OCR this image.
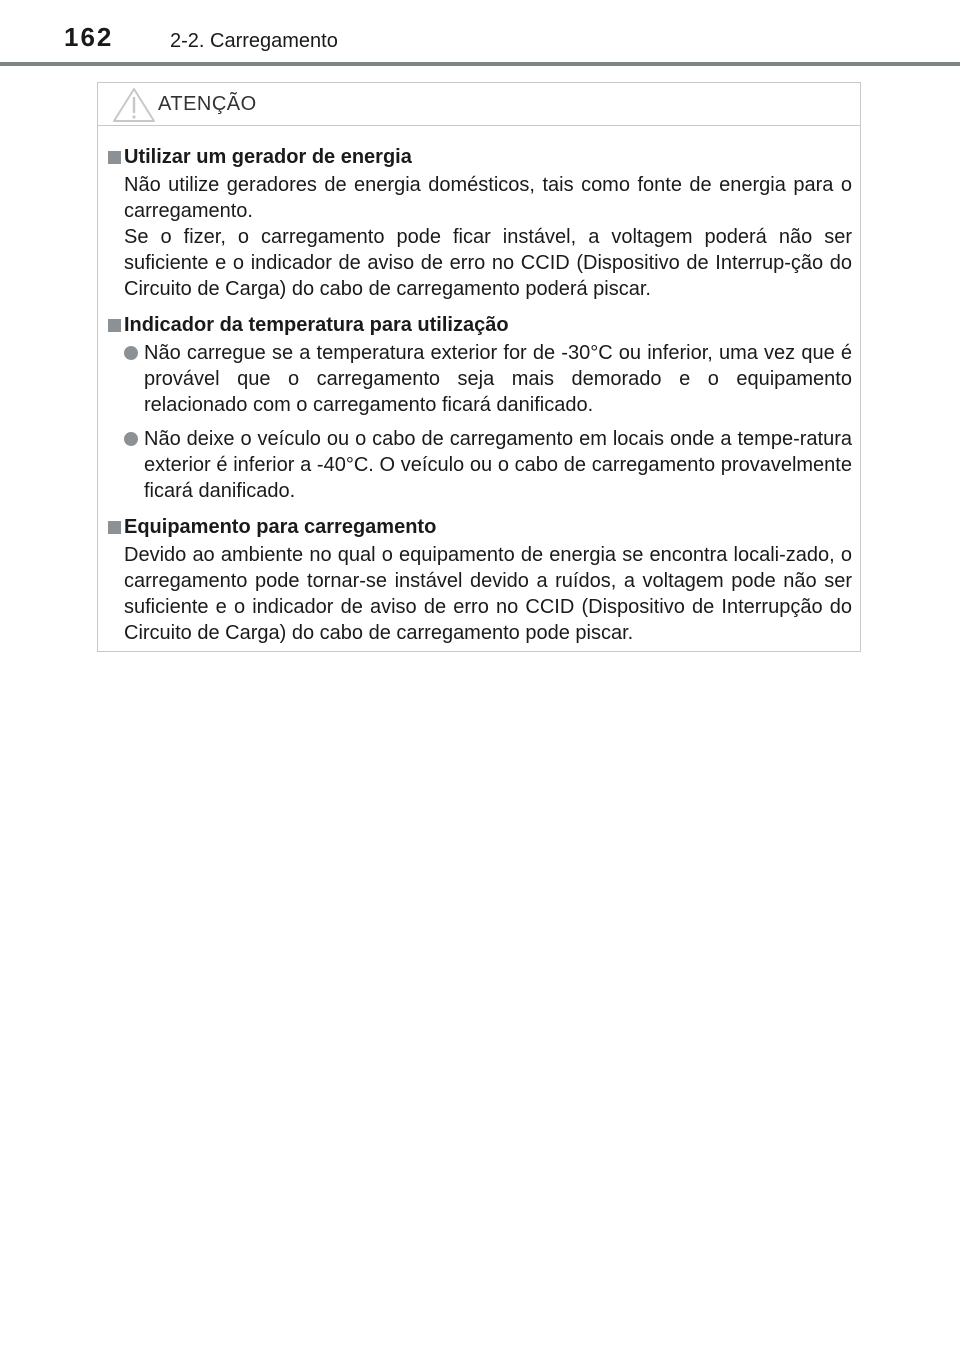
162	2-2. Carregamento
ATENÇÃO
Utilizar um gerador de energia
Não utilize geradores de energia domésticos, tais como fonte de energia para o carregamento.
Se o fizer, o carregamento pode ficar instável, a voltagem poderá não ser suficiente e o indicador de aviso de erro no CCID (Dispositivo de Interrup-ção do Circuito de Carga) do cabo de carregamento poderá piscar.
Indicador da temperatura para utilização
Não carregue se a temperatura exterior for de -30°C ou inferior, uma vez que é provável que o carregamento seja mais demorado e o equipamento relacionado com o carregamento ficará danificado.
Não deixe o veículo ou o cabo de carregamento em locais onde a tempe-ratura exterior é inferior a -40°C. O veículo ou o cabo de carregamento provavelmente ficará danificado.
Equipamento para carregamento
Devido ao ambiente no qual o equipamento de energia se encontra locali-zado, o carregamento pode tornar-se instável devido a ruídos, a voltagem pode não ser suficiente e o indicador de aviso de erro no CCID (Dispositivo de Interrupção do Circuito de Carga) do cabo de carregamento pode piscar.
